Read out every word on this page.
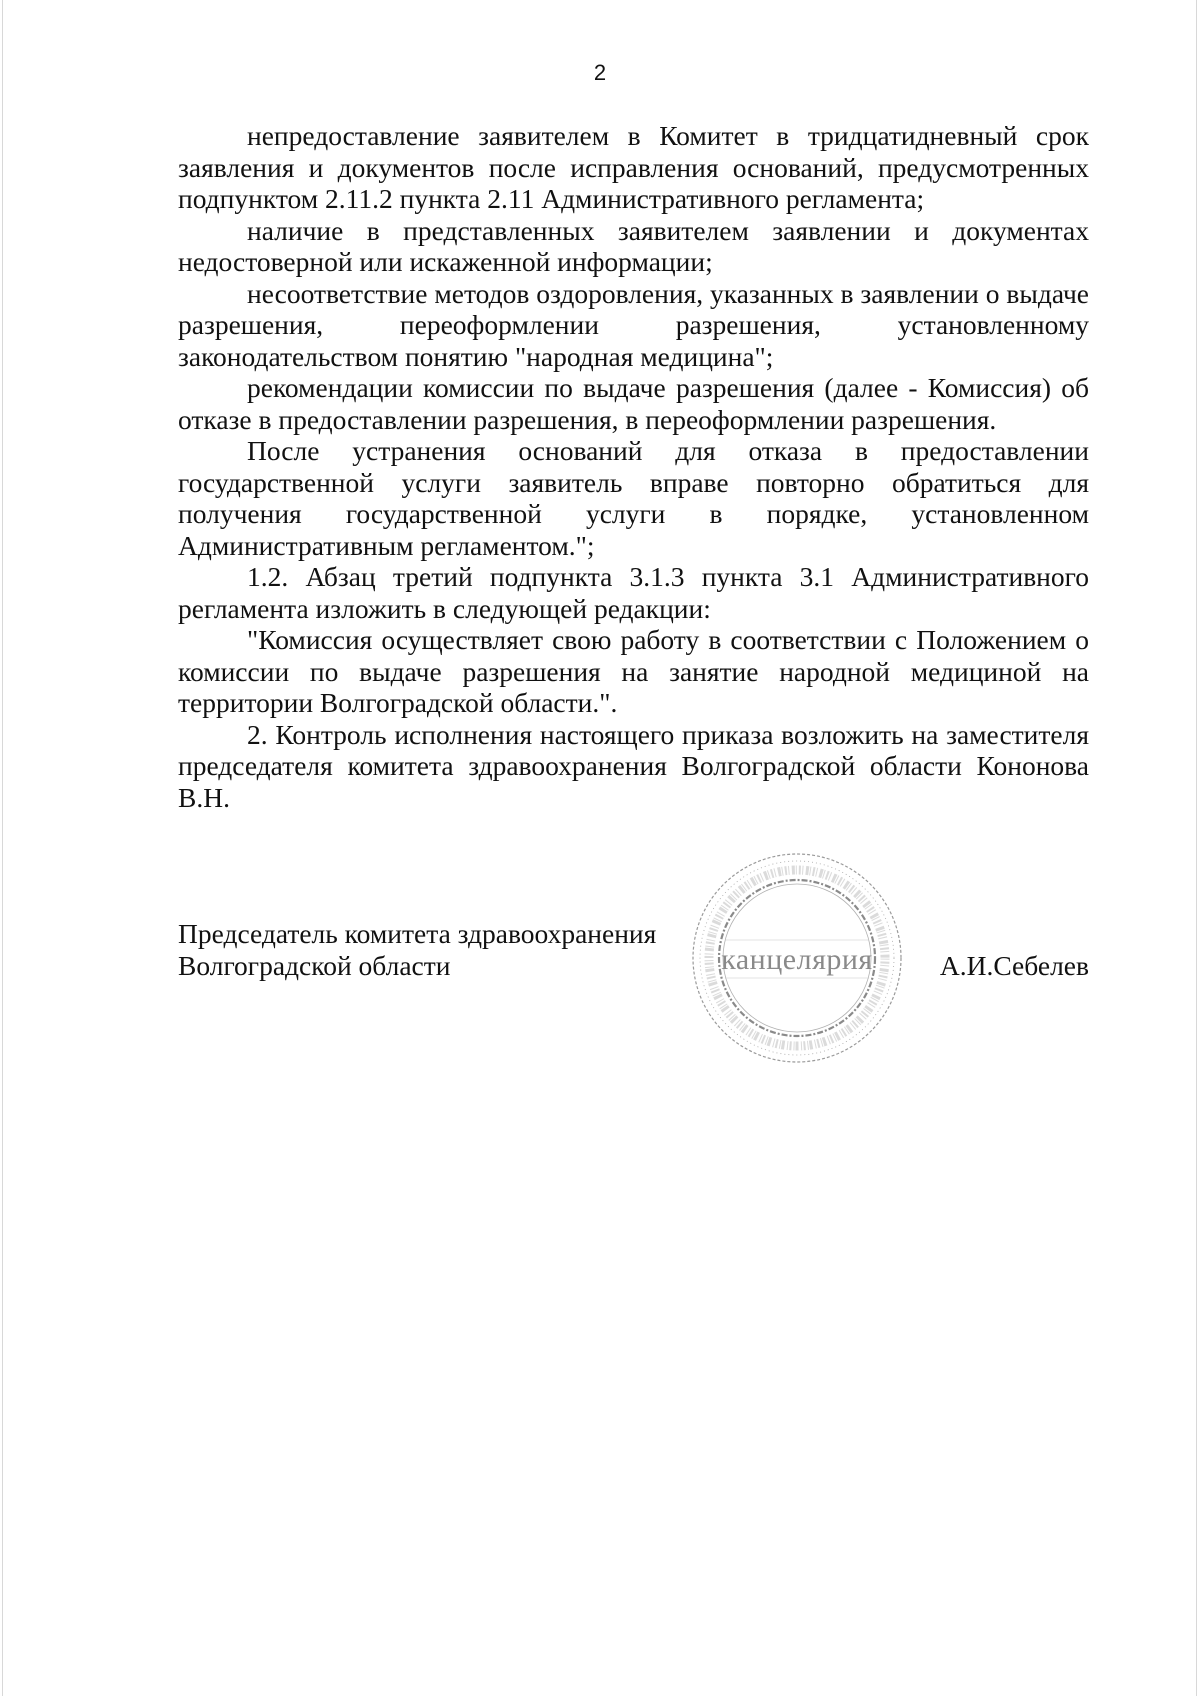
2

непредоставление заявителем в Комитет в тридцатидневный срок заявления и документов после исправления оснований, предусмотренных подпунктом 2.11.2 пункта 2.11 Административного регламента;

наличие в представленных заявителем заявлении и документах недостоверной или искаженной информации;

несоответствие методов оздоровления, указанных в заявлении о выдаче разрешения, переоформлении разрешения, установленному законодательством понятию "народная медицина";

рекомендации комиссии по выдаче разрешения (далее - Комиссия) об отказе в предоставлении разрешения, в переоформлении разрешения.

После устранения оснований для отказа в предоставлении государственной услуги заявитель вправе повторно обратиться для получения государственной услуги в порядке, установленном Административным регламентом.";

1.2. Абзац третий подпункта 3.1.3 пункта 3.1 Административного регламента изложить в следующей редакции:

"Комиссия осуществляет свою работу в соответствии с Положением о комиссии по выдаче разрешения на занятие народной медициной на территории Волгоградской области.".

2. Контроль исполнения настоящего приказа возложить на заместителя председателя комитета здравоохранения Волгоградской области Кононова В.Н.

канцелярия
Председатель комитета здравоохранения
Волгоградской области	А.И.Себелев
